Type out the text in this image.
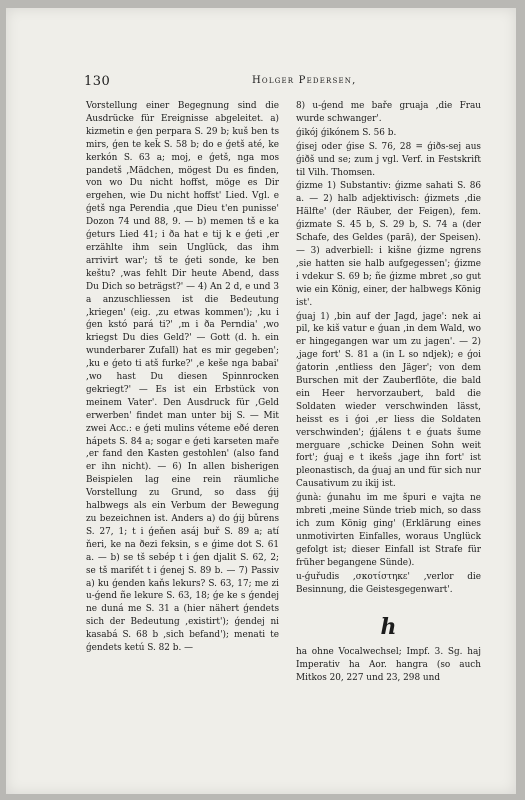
130	Holger Pedersen,

Vorstellung einer Begegnung sind die Ausdrücke für Ereignisse abgeleitet. a) kizmetin e ǵen perpara S. 29 b; kuš ben ts mirs, ǵen te keǩ S. 58 b; do e ǵetš até, ke kerkón S. 63 a; moj, e ǵetš, nga mos pandetš ,Mädchen, mögest Du es finden, von wo Du nicht hoffst, möge es Dir ergehen, wie Du nicht hoffst' Lied. Vgl. e ǵetš nga Perendia ,que Dieu t'en punisse' Dozon 74 und 88, 9. — b) memen tš e ka ǵeturs Lied 41; i ða hat e tij k e ǵeti ,er erzählte ihm sein Unglück, das ihm arrivirt war'; tš te ǵeti sonde, ke ben keštu? ,was fehlt Dir heute Abend, dass Du Dich so beträgst?' — 4) An 2 d, e und 3 a anzuschliessen ist die Bedeutung ,kriegen' (eig. ,zu etwas kommen'); ,ku i ǵen kstó pará ti?' ,m i ða Perndia' ,wo kriegst Du dies Geld?' — Gott (d. h. ein wunderbarer Zufall) hat es mir gegeben'; ,ku e ǵeto ti atš furke?' ,e keše nga babai' ,wo hast Du diesen Spinnrocken gekriegt?' — Es ist ein Erbstück von meinem Vater'. Den Ausdruck für ,Geld erwerben' findet man unter bij S. — Mit zwei Acc.: e ǵeti mulins véteme eðé deren hápets S. 84 a; sogar e ǵeti karseten maře ,er fand den Kasten gestohlen' (also fand er ihn nicht). — 6) In allen bisherigen Beispielen lag eine rein räumliche Vorstellung zu Grund, so dass ǵij halbwegs als ein Verbum der Bewegung zu bezeichnen ist. Anders a) do ǵij bǔrens S. 27, 1; t i ǵeňen asáj buř S. 89 a; atí ňeri, ke na ðezi feksin, s e ǵime dot S. 61 a. — b) se tš sebép t i ǵen djalit S. 62, 2; se tš marifét t i ǵenej S. 89 b. — 7) Passiv a) ku ǵenden kaňs lekurs? S. 63, 17; me zi u-ǵend ñe lekure S. 63, 18; ǵe ke s ǵendej ne duná me S. 31 a (hier nähert ǵendets sich der Bedeutung ,existirt'); ǵendej ni kasabá S. 68 b ,sich befand'); menati te ǵendets ketú S. 82 b. —

8) u-ǵend me baře gruaja ,die Frau wurde schwanger'.

ǵikój ǵikónem S. 56 b.

ǵisej oder ǵise S. 76, 28 = ǵiðs-sej aus ǵiðš und se; zum j vgl. Verf. in Festskrift til Vilh. Thomsen.

ǵizme 1) Substantiv: ǵizme sahati S. 86 a. — 2) halb adjektivisch: ǵizmets ,die Hälfte' (der Räuber, der Feigen), fem. ǵizmate S. 45 b, S. 29 b, S. 74 a (der Schafe, des Geldes (pară), der Speisen). — 3) adverbiell: i kišne ǵizme ngrens ,sie hatten sie halb aufgegessen'; ǵizme i vdekur S. 69 b; ñe ǵizme mbret ,so gut wie ein König, einer, der halbwegs König ist'.

ǵuaj 1) ,bin auf der Jagd, jage': nek ai pil, ke kiš vatur e ǵuan ,in dem Wald, wo er hingegangen war um zu jagen'. — 2) ,jage fort' S. 81 a (in L so ndjek); e ǵoi ǵatorin ,entliess den Jäger'; von dem Burschen mit der Zauberflöte, die bald ein Heer hervorzaubert, bald die Soldaten wieder verschwinden lässt, heisst es i ǵoi ,er liess die Soldaten verschwinden'; ǵjálens t e ǵuats šume merguare ,schicke Deinen Sohn weit fort'; ǵuaj e t ikešs ,jage ihn fort' ist pleonastisch, da ǵuaj an und für sich nur Causativum zu ikij ist.

ǵunà: ǵunahu im me špuri e vajta ne mbreti ,meine Sünde trieb mich, so dass ich zum König ging' (Erklärung eines unmotivirten Einfalles, woraus Unglück gefolgt ist; dieser Einfall ist Strafe für früher begangene Sünde).

u-ǵuřudis ,σκοτίστηκε' ,verlor die Besinnung, die Geistesgegenwart'.

h

ha ohne Vocalwechsel; Impf. 3. Sg. haj Imperativ ha Aor. hangra (so auch Mitkos 20, 227 und 23, 298 und
